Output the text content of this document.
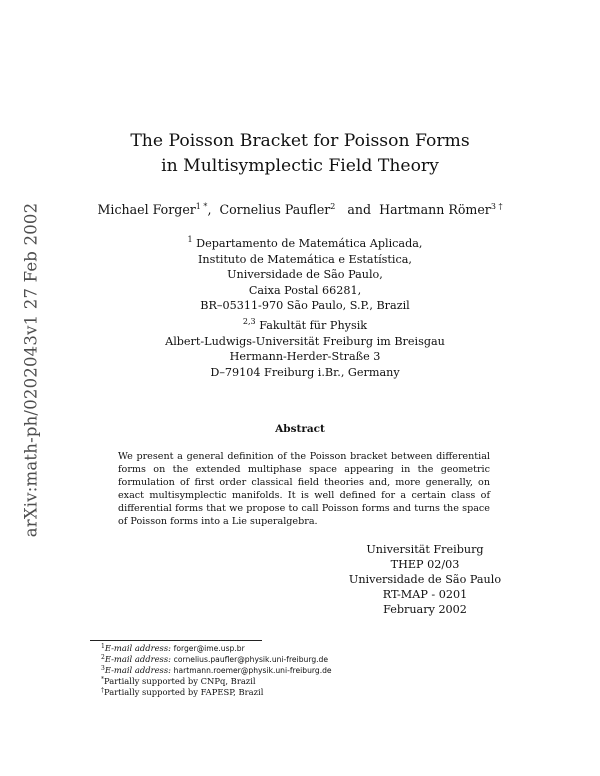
arXiv:math-ph/0202043v1 27 Feb 2002
The Poisson Bracket for Poisson Forms
in Multisymplectic Field Theory
Michael Forger$^{1 *}$,  Cornelius Paufler$^2$   and  Hartmann Römer$^{3 \dagger}$
$^1$ Departamento de Matemática Aplicada,
Instituto de Matemática e Estatística,
Universidade de São Paulo,
Caixa Postal 66281,
BR–05311-970 São Paulo, S.P., Brazil
$^{2,3}$ Fakultät für Physik
Albert-Ludwigs-Universität Freiburg im Breisgau
Hermann-Herder-Straße 3
D–79104 Freiburg i.Br., Germany
Abstract

We present a general definition of the Poisson bracket between differential forms on the extended multiphase space appearing in the geometric formulation of first order classical field theories and, more generally, on exact multisymplectic manifolds. It is well defined for a certain class of differential forms that we propose to call Poisson forms and turns the space of Poisson forms into a Lie superalgebra.

Universität Freiburg
THEP 02/03
Universidade de São Paulo
RT-MAP - 0201
February 2002
$^1$E-mail address: forger@ime.usp.br
$^2$E-mail address: cornelius.paufler@physik.uni-freiburg.de
$^3$E-mail address: hartmann.roemer@physik.uni-freiburg.de
*Partially supported by CNPq, Brazil
†Partially supported by FAPESP, Brazil
